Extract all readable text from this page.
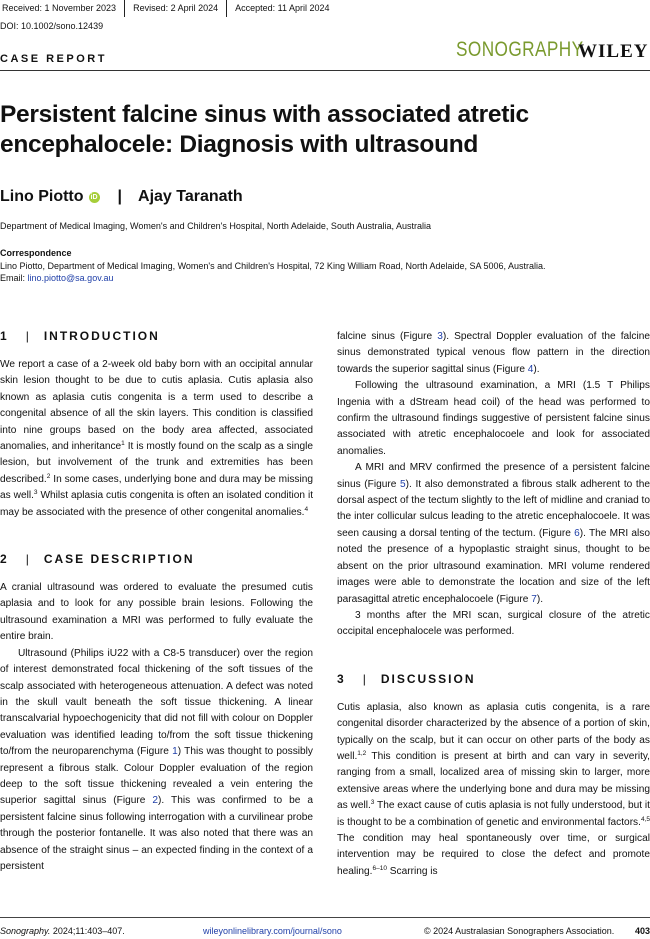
Received: 1 November 2023	Revised: 2 April 2024	Accepted: 11 April 2024
DOI: 10.1002/sono.12439
CASE REPORT	SONOGRAPHY
WILEY
Persistent falcine sinus with associated atretic encephalocele: Diagnosis with ultrasound
Lino Piotto iD | Ajay Taranath
Department of Medical Imaging, Women's and Children's Hospital, North Adelaide, South Australia, Australia
Correspondence
Lino Piotto, Department of Medical Imaging, Women's and Children's Hospital, 72 King William Road, North Adelaide, SA 5006, Australia.
Email: lino.piotto@sa.gov.au
1 | INTRODUCTION

We report a case of a 2-week old baby born with an occipital annular skin lesion thought to be due to cutis aplasia. Cutis aplasia also known as aplasia cutis congenita is a term used to describe a congenital absence of all the skin layers. This condition is classified into nine groups based on the body area affected, associated anomalies, and inheritance$^1$ It is mostly found on the scalp as a single lesion, but involvement of the trunk and extremities has been described.$^2$ In some cases, underlying bone and dura may be missing as well.$^3$ Whilst aplasia cutis congenita is often an isolated condition it may be associated with the presence of other congenital anomalies.$^4$

2 | CASE DESCRIPTION

A cranial ultrasound was ordered to evaluate the presumed cutis aplasia and to look for any possible brain lesions. Following the ultrasound examination a MRI was performed to fully evaluate the entire brain.

Ultrasound (Philips iU22 with a C8-5 transducer) over the region of interest demonstrated focal thickening of the soft tissues of the scalp associated with heterogeneous attenuation. A defect was noted in the skull vault beneath the soft tissue thickening. A linear transcalvarial hypoechogenicity that did not fill with colour on Doppler evaluation was identified leading to/from the soft tissue thickening to/from the neuroparenchyma (Figure 1) This was thought to possibly represent a fibrous stalk. Colour Doppler evaluation of the region deep to the soft tissue thickening revealed a vein entering the superior sagittal sinus (Figure 2). This was confirmed to be a persistent falcine sinus following interrogation with a curvilinear probe through the posterior fontanelle. It was also noted that there was an absence of the straight sinus – an expected finding in the context of a persistent

falcine sinus (Figure 3). Spectral Doppler evaluation of the falcine sinus demonstrated typical venous flow pattern in the direction towards the superior sagittal sinus (Figure 4).

Following the ultrasound examination, a MRI (1.5 T Philips Ingenia with a dStream head coil) of the head was performed to confirm the ultrasound findings suggestive of persistent falcine sinus associated with atretic encephalocoele and look for associated anomalies.

A MRI and MRV confirmed the presence of a persistent falcine sinus (Figure 5). It also demonstrated a fibrous stalk adherent to the dorsal aspect of the tectum slightly to the left of midline and craniad to the inter collicular sulcus leading to the atretic encephalocoele. It was seen causing a dorsal tenting of the tectum. (Figure 6). The MRI also noted the presence of a hypoplastic straight sinus, thought to be absent on the prior ultrasound examination. MRI volume rendered images were able to demonstrate the location and size of the left parasagittal atretic encephalocoele (Figure 7).

3 months after the MRI scan, surgical closure of the atretic occipital encephalocele was performed.

3 | DISCUSSION

Cutis aplasia, also known as aplasia cutis congenita, is a rare congenital disorder characterized by the absence of a portion of skin, typically on the scalp, but it can occur on other parts of the body as well.$^{1,2}$ This condition is present at birth and can vary in severity, ranging from a small, localized area of missing skin to larger, more extensive areas where the underlying bone and dura may be missing as well.$^3$ The exact cause of cutis aplasia is not fully understood, but it is thought to be a combination of genetic and environmental factors.$^{4,5}$ The condition may heal spontaneously over time, or surgical intervention may be required to close the defect and promote healing.$^{6-10}$ Scarring is

Sonography. 2024;11:403–407.	wileyonlinelibrary.com/journal/sono	© 2024 Australasian Sonographers Association. 403
